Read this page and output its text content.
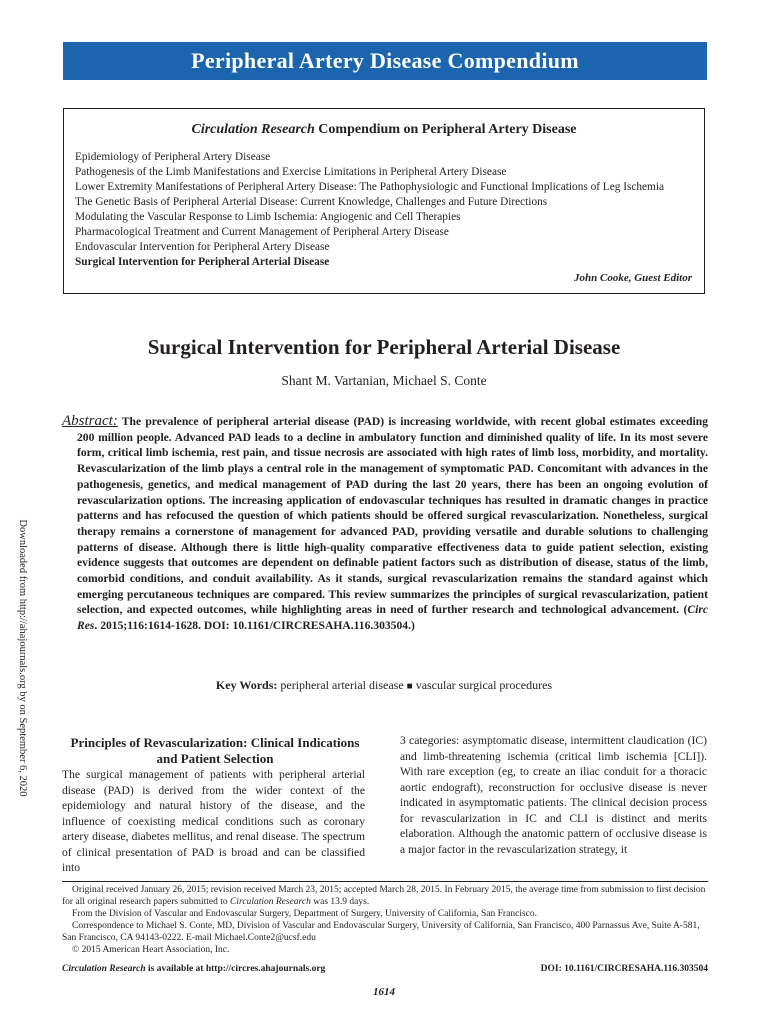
Peripheral Artery Disease Compendium
Circulation Research Compendium on Peripheral Artery Disease
Epidemiology of Peripheral Artery Disease
Pathogenesis of the Limb Manifestations and Exercise Limitations in Peripheral Artery Disease
Lower Extremity Manifestations of Peripheral Artery Disease: The Pathophysiologic and Functional Implications of Leg Ischemia
The Genetic Basis of Peripheral Arterial Disease: Current Knowledge, Challenges and Future Directions
Modulating the Vascular Response to Limb Ischemia: Angiogenic and Cell Therapies
Pharmacological Treatment and Current Management of Peripheral Artery Disease
Endovascular Intervention for Peripheral Artery Disease
Surgical Intervention for Peripheral Arterial Disease
John Cooke, Guest Editor
Surgical Intervention for Peripheral Arterial Disease
Shant M. Vartanian, Michael S. Conte

Abstract: The prevalence of peripheral arterial disease (PAD) is increasing worldwide, with recent global estimates exceeding 200 million people. Advanced PAD leads to a decline in ambulatory function and diminished quality of life. In its most severe form, critical limb ischemia, rest pain, and tissue necrosis are associated with high rates of limb loss, morbidity, and mortality. Revascularization of the limb plays a central role in the management of symptomatic PAD. Concomitant with advances in the pathogenesis, genetics, and medical management of PAD during the last 20 years, there has been an ongoing evolution of revascularization options. The increasing application of endovascular techniques has resulted in dramatic changes in practice patterns and has refocused the question of which patients should be offered surgical revascularization. Nonetheless, surgical therapy remains a cornerstone of management for advanced PAD, providing versatile and durable solutions to challenging patterns of disease. Although there is little high-quality comparative effectiveness data to guide patient selection, existing evidence suggests that outcomes are dependent on definable patient factors such as distribution of disease, status of the limb, comorbid conditions, and conduit availability. As it stands, surgical revascularization remains the standard against which emerging percutaneous techniques are compared. This review summarizes the principles of surgical revascularization, patient selection, and expected outcomes, while highlighting areas in need of further research and technological advancement. (Circ Res. 2015;116:1614-1628. DOI: 10.1161/CIRCRESAHA.116.303504.)

Key Words: peripheral arterial disease ■ vascular surgical procedures
Downloaded from http://ahajournals.org by on September 6, 2020	Principles of Revascularization: Clinical Indications and Patient Selection

The surgical management of patients with peripheral arterial disease (PAD) is derived from the wider context of the epidemiology and natural history of the disease, and the influence of coexisting medical conditions such as coronary artery disease, diabetes mellitus, and renal disease. The spectrum of clinical presentation of PAD is broad and can be classified into

3 categories: asymptomatic disease, intermittent claudication (IC) and limb-threatening ischemia (critical limb ischemia [CLI]). With rare exception (eg, to create an iliac conduit for a thoracic aortic endograft), reconstruction for occlusive disease is never indicated in asymptomatic patients. The clinical decision process for revascularization in IC and CLI is distinct and merits elaboration. Although the anatomic pattern of occlusive disease is a major factor in the revascularization strategy, it

Original received January 26, 2015; revision received March 23, 2015; accepted March 28, 2015. In February 2015, the average time from submission to first decision for all original research papers submitted to Circulation Research was 13.9 days.

From the Division of Vascular and Endovascular Surgery, Department of Surgery, University of California, San Francisco.

Correspondence to Michael S. Conte, MD, Division of Vascular and Endovascular Surgery, University of California, San Francisco, 400 Parnassus Ave, Suite A-581, San Francisco, CA 94143-0222. E-mail Michael.Conte2@ucsf.edu

© 2015 American Heart Association, Inc.

Circulation Research is available at http://circres.ahajournals.org	DOI: 10.1161/CIRCRESAHA.116.303504
1614
